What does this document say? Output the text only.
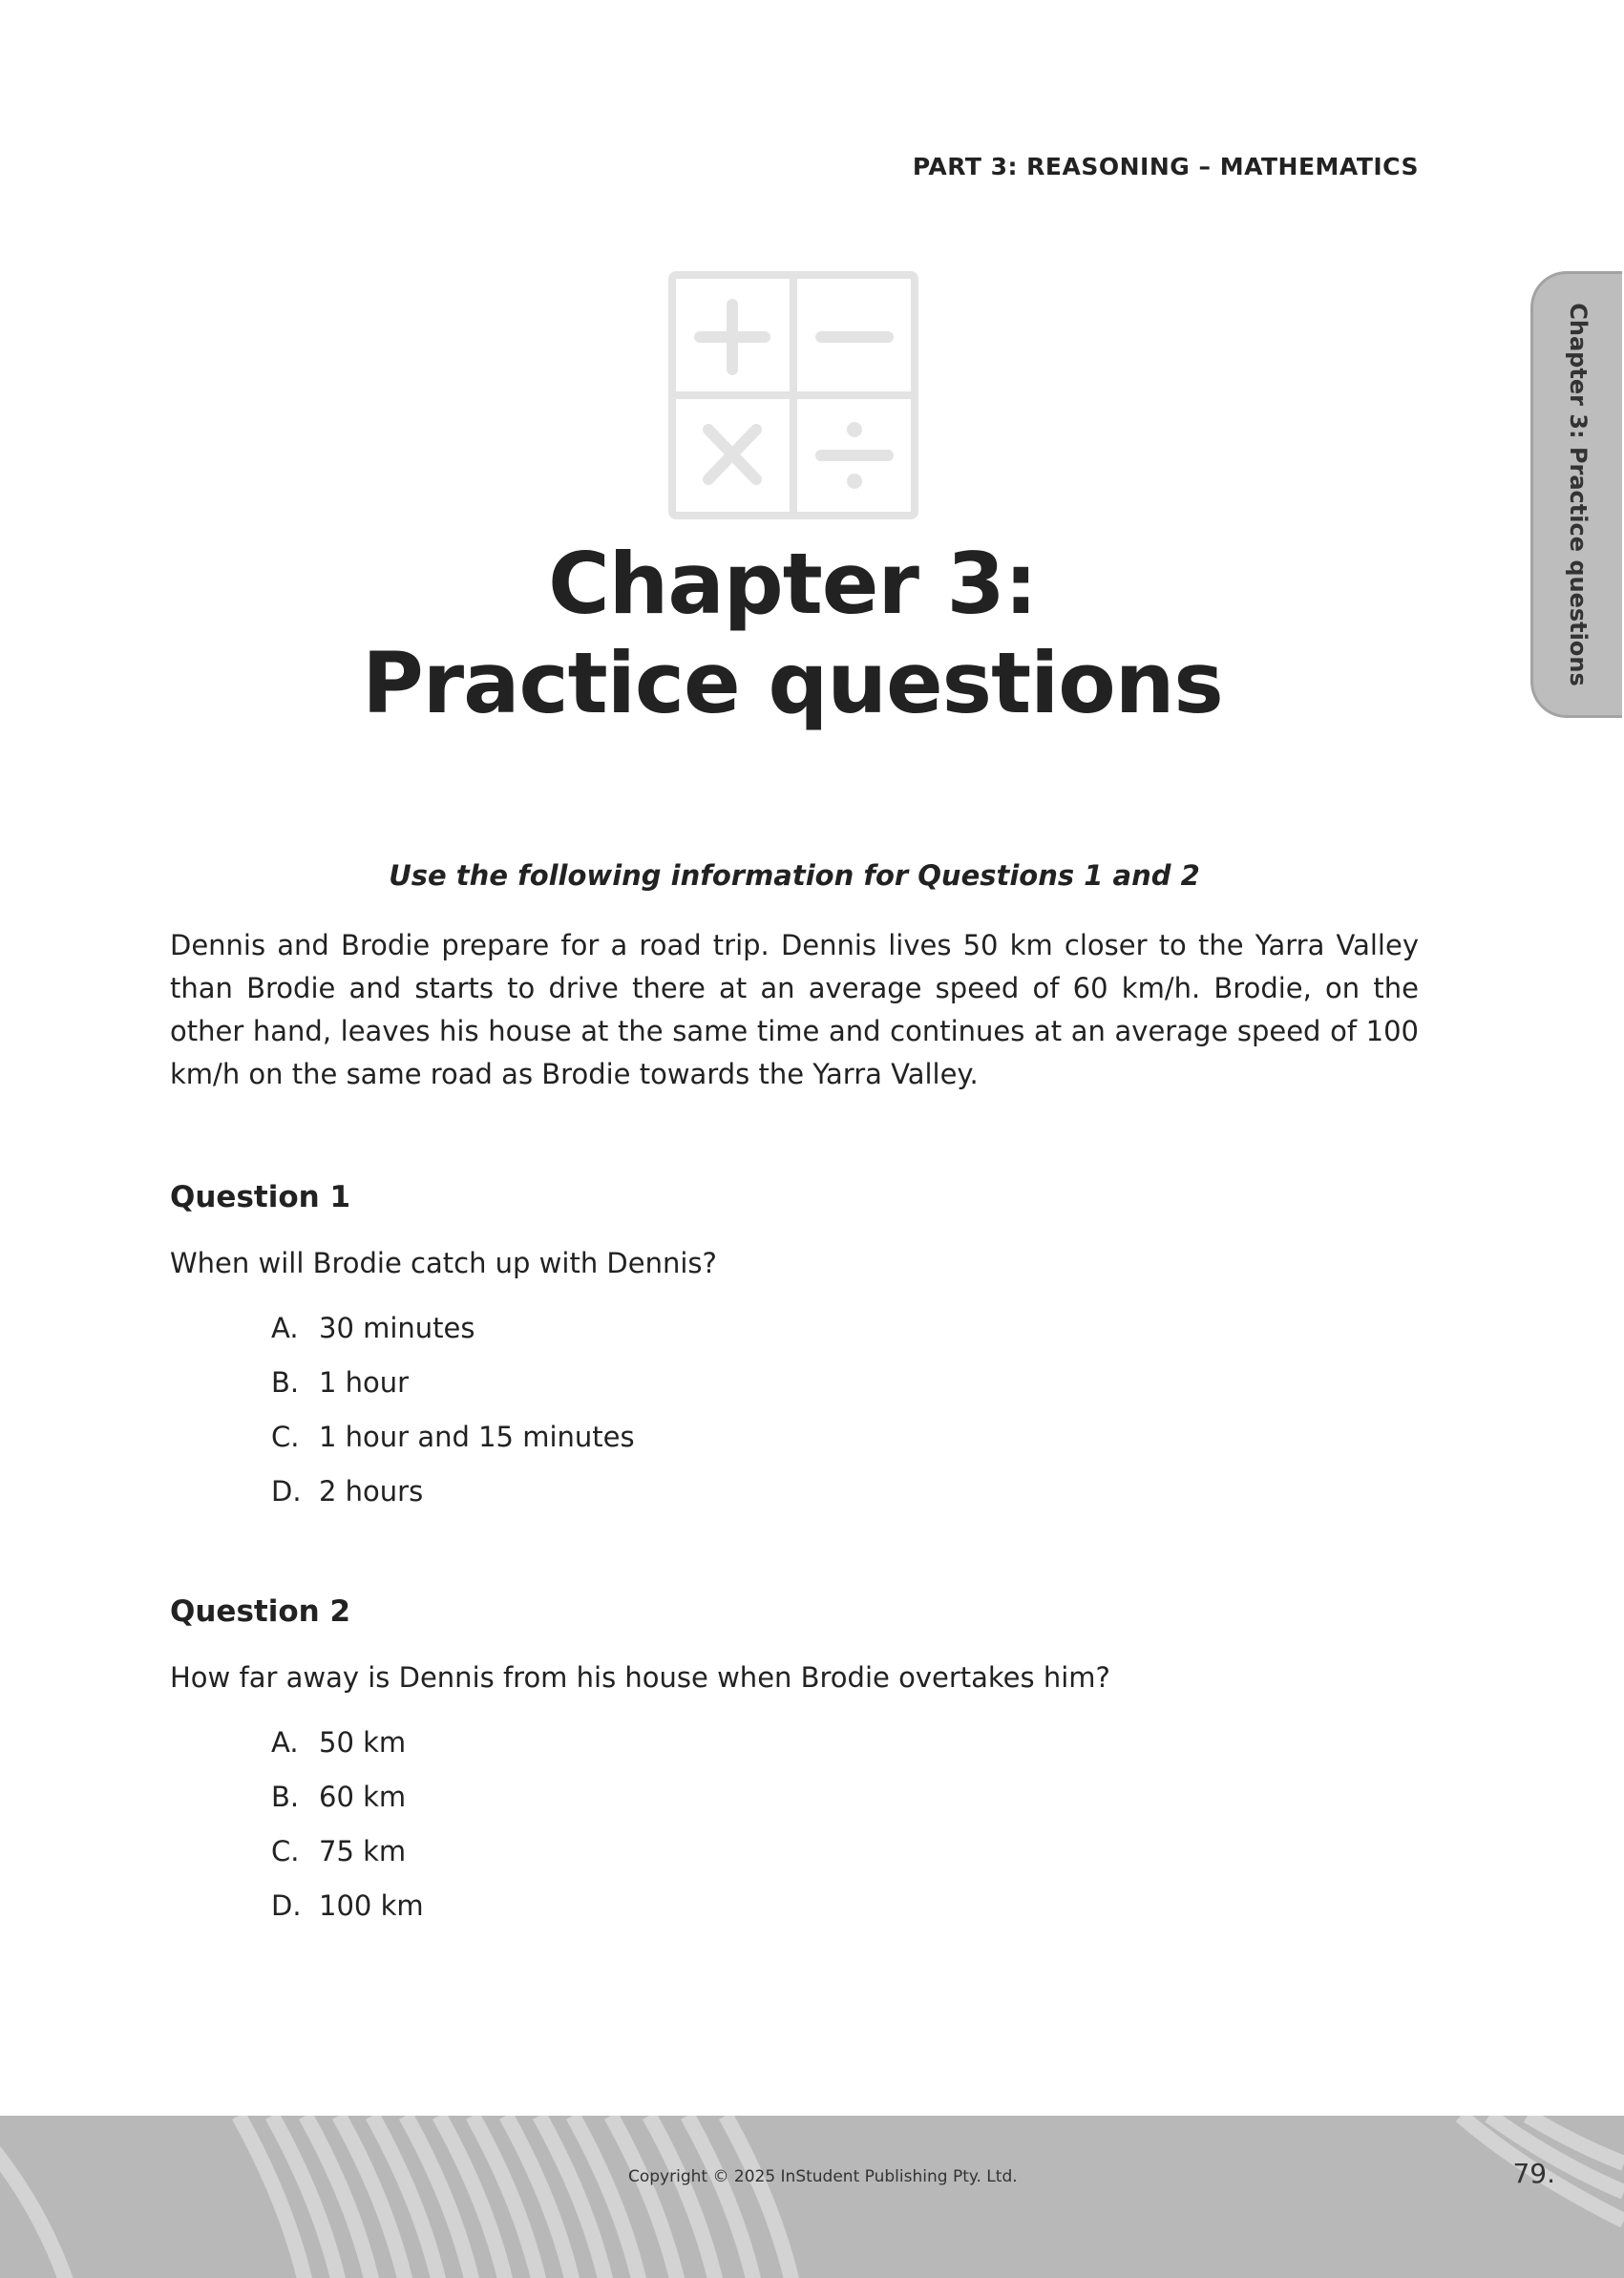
PART 3: REASONING – MATHEMATICS
Chapter 3: Practice questions
Chapter 3:
Practice questions
Use the following information for Questions 1 and 2
Dennis and Brodie prepare for a road trip. Dennis lives 50 km closer to the Yarra Valley than Brodie and starts to drive there at an average speed of 60 km/h. Brodie, on the other hand, leaves his house at the same time and continues at an average speed of 100 km/h on the same road as Brodie towards the Yarra Valley.
Question 1
When will Brodie catch up with Dennis?
A. 30 minutes
B. 1 hour
C. 1 hour and 15 minutes
D. 2 hours
Question 2
How far away is Dennis from his house when Brodie overtakes him?
A. 50 km
B. 60 km
C. 75 km
D. 100 km
Copyright © 2025 InStudent Publishing Pty. Ltd.	79.
